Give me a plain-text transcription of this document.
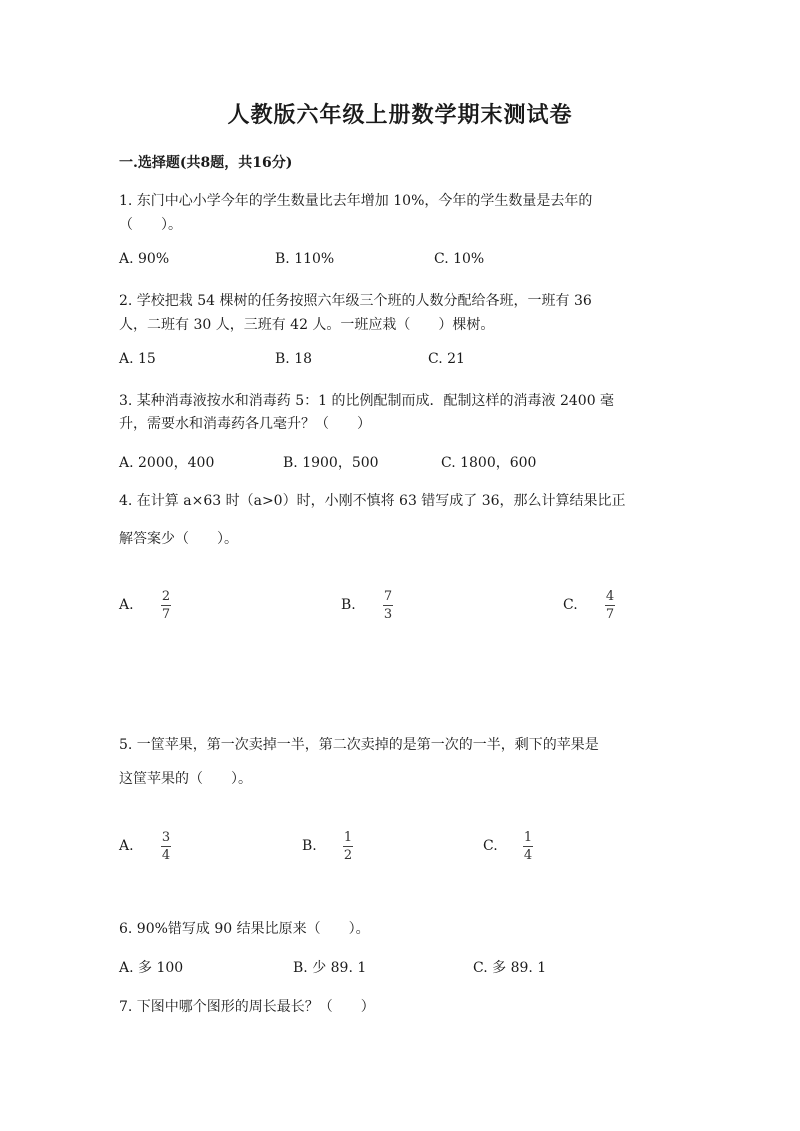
人教版六年级上册数学期末测试卷
一.选择题(共8题，共16分)
1. 东门中心小学今年的学生数量比去年增加 10%，今年的学生数量是去年的
（　　）。
A. 90%	B. 110%	C. 10%
2. 学校把栽 54 棵树的任务按照六年级三个班的人数分配给各班，一班有 36
人，二班有 30 人，三班有 42 人。一班应栽（　　）棵树。
A. 15	B. 18	C. 21
3. 某种消毒液按水和消毒药 5：1 的比例配制而成．配制这样的消毒液 2400 毫
升，需要水和消毒药各几毫升？（　　）
A. 2000，400	B. 1900，500	C. 1800，600
4. 在计算 a×63 时（a>0）时，小刚不慎将 63 错写成了 36，那么计算结果比正
解答案少（　　）。
A.
2
7
B.
7
3
C.
4
7
5. 一筐苹果，第一次卖掉一半，第二次卖掉的是第一次的一半，剩下的苹果是
这筐苹果的（　　）。
A.
3
4
B.
1
2
C.
1
4
6. 90%错写成 90 结果比原来（　　）。
A. 多 100	B. 少 89. 1	C. 多 89. 1
7. 下图中哪个图形的周长最长？（　　）
